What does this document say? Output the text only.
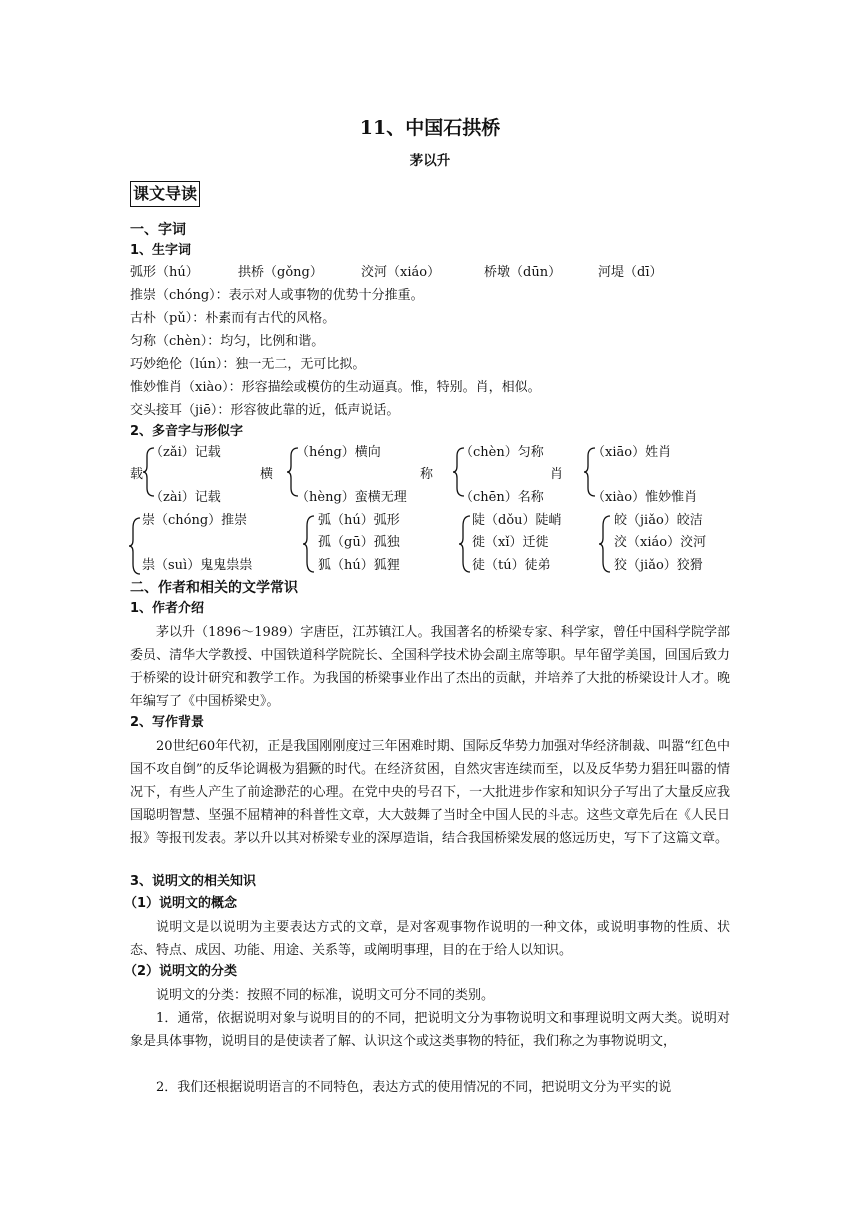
11、中国石拱桥
茅以升
课文导读
一、字词
1、生字词
弧形（hú）	拱桥（gǒng）	洨河（xiáo）	桥墩（dūn）	河堤（dī）
推崇（chóng）：表示对人或事物的优势十分推重。
古朴（pǔ）：朴素而有古代的风格。
匀称（chèn）：均匀，比例和谐。
巧妙绝伦（lún）：独一无二，无可比拟。
惟妙惟肖（xiào）：形容描绘或模仿的生动逼真。惟，特别。肖，相似。
交头接耳（jiē）：形容彼此靠的近，低声说话。
2、多音字与形似字
载
（zǎi）记载
（zài）记载
横
（héng）横向
（hèng）蛮横无理
称
（chèn）匀称
（chēn）名称
肖
（xiāo）姓肖
（xiào）惟妙惟肖
崇（chóng）推崇
祟（suì）鬼鬼祟祟
弧（hú）弧形
孤（gū）孤独
狐（hú）狐狸
陡（dǒu）陡峭
徙（xǐ）迁徙
徒（tú）徒弟
皎（jiǎo）皎洁
洨（xiáo）洨河
狡（jiǎo）狡猾
二、作者和相关的文学常识
1、作者介绍
茅以升（1896～1989）字唐臣，江苏镇江人。我国著名的桥梁专家、科学家，曾任中国科学院学部委员、清华大学教授、中国铁道科学院院长、全国科学技术协会副主席等职。早年留学美国，回国后致力于桥梁的设计研究和教学工作。为我国的桥梁事业作出了杰出的贡献，并培养了大批的桥梁设计人才。晚年编写了《中国桥梁史》。
2、写作背景
20世纪60年代初，正是我国刚刚度过三年困难时期、国际反华势力加强对华经济制裁、叫嚣“红色中国不攻自倒”的反华论调极为猖獗的时代。在经济贫困，自然灾害连续而至，以及反华势力猖狂叫嚣的情况下，有些人产生了前途渺茫的心理。在党中央的号召下，一大批进步作家和知识分子写出了大量反应我国聪明智慧、坚强不屈精神的科普性文章，大大鼓舞了当时全中国人民的斗志。这些文章先后在《人民日报》等报刊发表。茅以升以其对桥梁专业的深厚造诣，结合我国桥梁发展的悠远历史，写下了这篇文章。
3、说明文的相关知识
（1）说明文的概念
说明文是以说明为主要表达方式的文章，是对客观事物作说明的一种文体，或说明事物的性质、状态、特点、成因、功能、用途、关系等，或阐明事理，目的在于给人以知识。
（2）说明文的分类
说明文的分类：按照不同的标准，说明文可分不同的类别。
1．通常，依据说明对象与说明目的的不同，把说明文分为事物说明文和事理说明文两大类。说明对象是具体事物，说明目的是使读者了解、认识这个或这类事物的特征，我们称之为事物说明文，
2．我们还根据说明语言的不同特色，表达方式的使用情况的不同，把说明文分为平实的说
